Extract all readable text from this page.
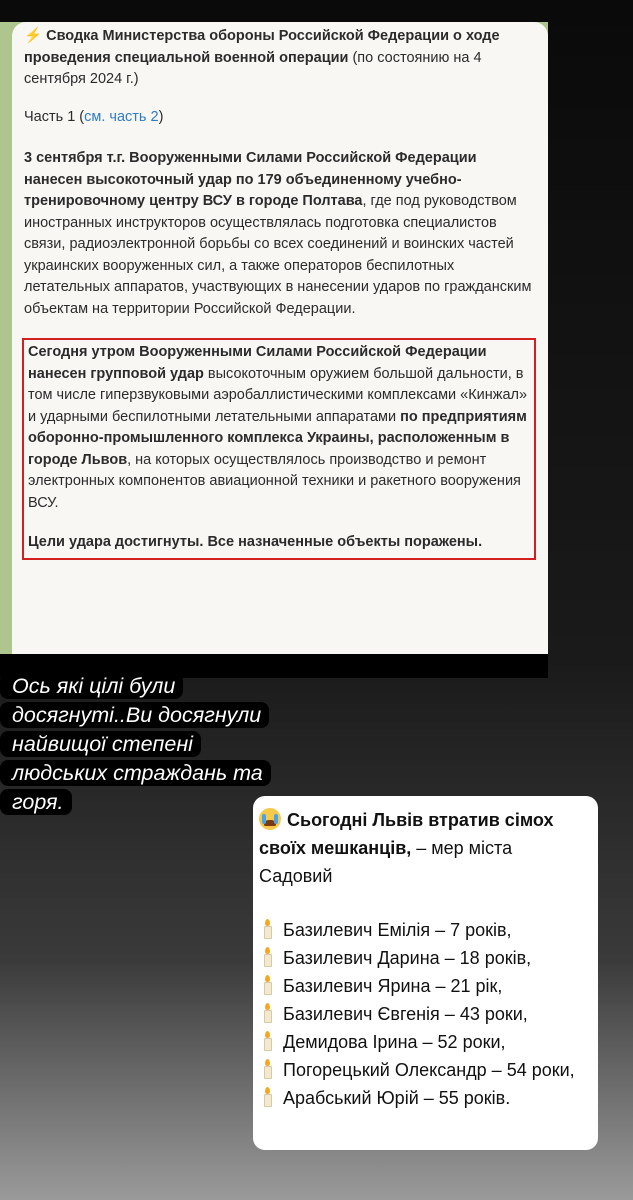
⚡ Сводка Министерства обороны Российской Федерации о ходе проведения специальной военной операции (по состоянию на 4 сентября 2024 г.)

Часть 1 (см. часть 2)

3 сентября т.г. Вооруженными Силами Российской Федерации нанесен высокоточный удар по 179 объединенному учебно-тренировочному центру ВСУ в городе Полтава, где под руководством иностранных инструкторов осуществлялась подготовка специалистов связи, радиоэлектронной борьбы со всех соединений и воинских частей украинских вооруженных сил, а также операторов беспилотных летательных аппаратов, участвующих в нанесении ударов по гражданским объектам на территории Российской Федерации.

Сегодня утром Вооруженными Силами Российской Федерации нанесен групповой удар высокоточным оружием большой дальности, в том числе гиперзвуковыми аэробаллистическими комплексами «Кинжал» и ударными беспилотными летательными аппаратами по предприятиям оборонно-промышленного комплекса Украины, расположенным в городе Львов, на которых осуществлялось производство и ремонт электронных компонентов авиационной техники и ракетного вооружения ВСУ.

Цели удара достигнуты. Все назначенные объекты поражены.

Ось які цілі були
досягнуті..Ви досягнули
найвищої степені
людських страждань та
горя.
Сьогодні Львів втратив сімох своїх мешканців, – мер міста Садовий
Базилевич Емілія – 7 років,
Базилевич Дарина – 18 років,
Базилевич Ярина – 21 рік,
Базилевич Євгенія – 43 роки,
Демидова Ірина – 52 роки,
Погорецький Олександр – 54 роки,
Арабський Юрій – 55 років.
